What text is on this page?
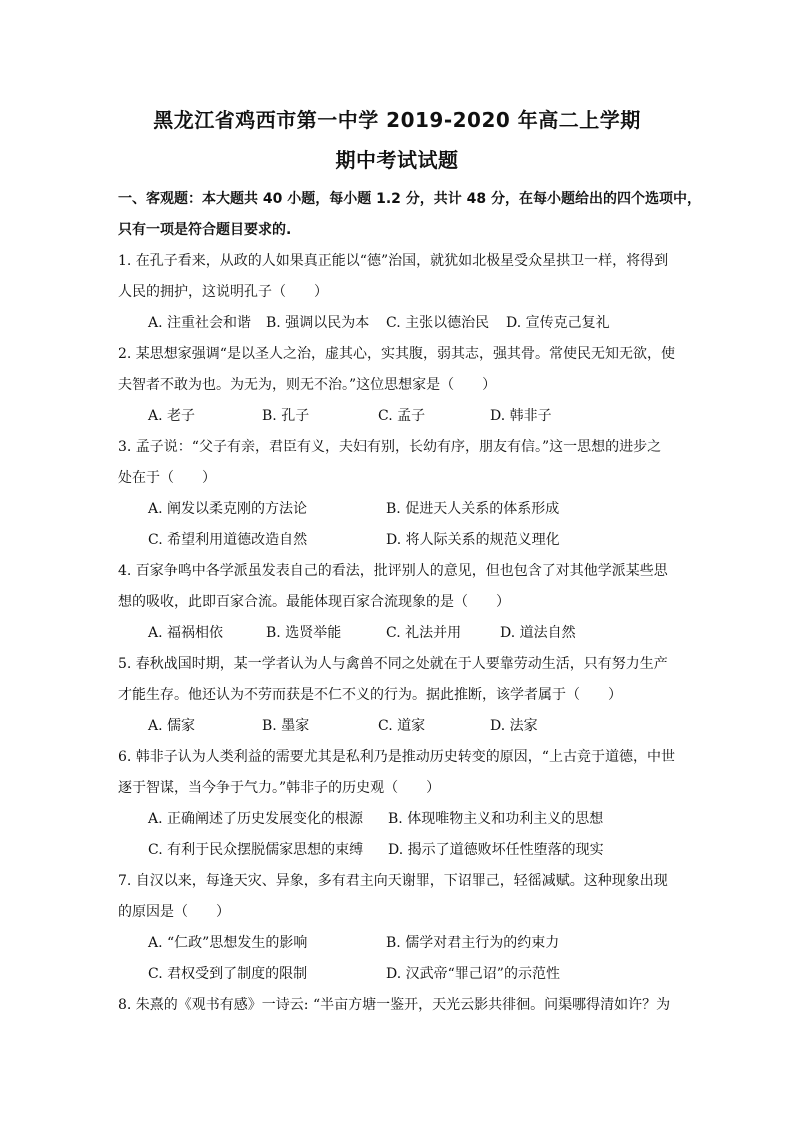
黑龙江省鸡西市第一中学 2019-2020 年高二上学期
期中考试试题
一、客观题：本大题共 40 小题，每小题 1.2 分，共计 48 分，在每小题给出的四个选项中，
只有一项是符合题目要求的.
1. 在孔子看来，从政的人如果真正能以“德”治国，就犹如北极星受众星拱卫一样，将得到
人民的拥护，这说明孔子（　　）
A. 注重社会和谐 B. 强调以民为本 C. 主张以德治民 D. 宣传克己复礼
2. 某思想家强调“是以圣人之治，虚其心，实其腹，弱其志，强其骨。常使民无知无欲，使
夫智者不敢为也。为无为，则无不治。”这位思想家是（　　）
A. 老子	B. 孔子	C. 孟子	D. 韩非子
3. 孟子说：“父子有亲，君臣有义，夫妇有别，长幼有序，朋友有信。”这一思想的进步之
处在于（　　）
A. 阐发以柔克刚的方法论	B. 促进天人关系的体系形成
C. 希望利用道德改造自然	D. 将人际关系的规范义理化
4. 百家争鸣中各学派虽发表自己的看法，批评别人的意见，但也包含了对其他学派某些思
想的吸收，此即百家合流。最能体现百家合流现象的是（　　）
A. 福祸相依	B. 选贤举能	C. 礼法并用	D. 道法自然
5. 春秋战国时期，某一学者认为人与禽兽不同之处就在于人要靠劳动生活，只有努力生产
才能生存。他还认为不劳而获是不仁不义的行为。据此推断，该学者属于（　　）
A. 儒家	B. 墨家	C. 道家	D. 法家
6. 韩非子认为人类利益的需要尤其是私利乃是推动历史转变的原因，“上古竞于道德，中世
逐于智谋，当今争于气力。”韩非子的历史观（　　）
A. 正确阐述了历史发展变化的根源 B. 体现唯物主义和功利主义的思想
C. 有利于民众摆脱儒家思想的束缚 D. 揭示了道德败坏任性堕落的现实
7. 自汉以来，每逢天灾、异象，多有君主向天谢罪，下诏罪己，轻徭减赋。这种现象出现
的原因是（　　）
A. “仁政”思想发生的影响	B. 儒学对君主行为的约束力
C. 君权受到了制度的限制	D. 汉武帝“罪己诏”的示范性
8. 朱熹的《观书有感》一诗云: “半亩方塘一鉴开，天光云影共徘徊。问渠哪得清如许？为
